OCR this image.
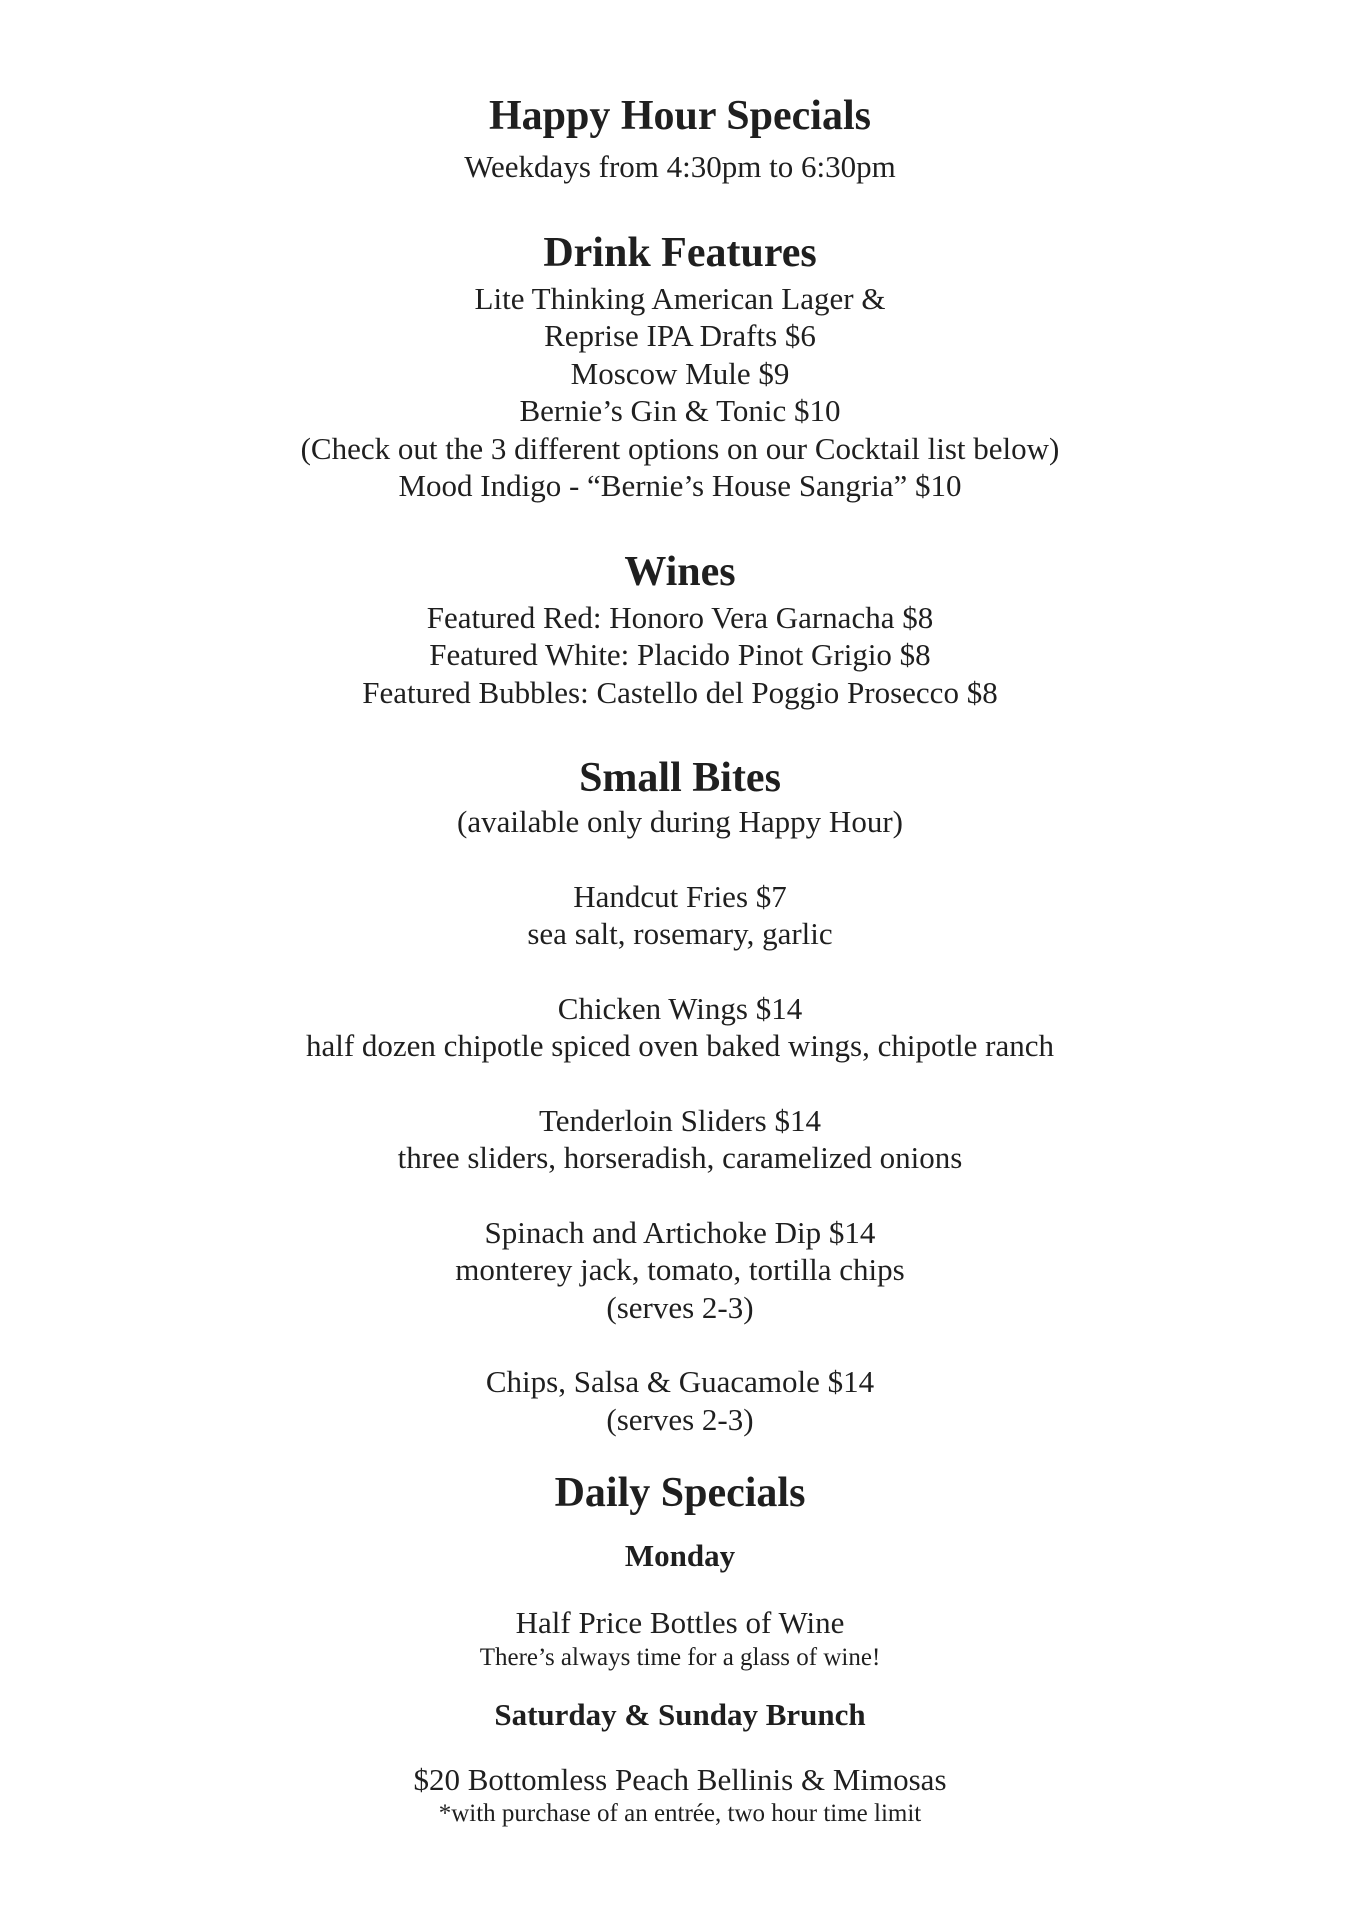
Happy Hour Specials

Weekdays from 4:30pm to 6:30pm

Drink Features

Lite Thinking American Lager &

Reprise IPA Drafts $6

Moscow Mule $9

Bernie’s Gin & Tonic $10

(Check out the 3 different options on our Cocktail list below)

Mood Indigo - “Bernie’s House Sangria” $10

Wines

Featured Red: Honoro Vera Garnacha $8

Featured White: Placido Pinot Grigio $8

Featured Bubbles: Castello del Poggio Prosecco $8

Small Bites

(available only during Happy Hour)

Handcut Fries $7

sea salt, rosemary, garlic

Chicken Wings $14

half dozen chipotle spiced oven baked wings, chipotle ranch

Tenderloin Sliders $14

three sliders, horseradish, caramelized onions

Spinach and Artichoke Dip $14

monterey jack, tomato, tortilla chips

(serves 2-3)

Chips, Salsa & Guacamole $14

(serves 2-3)

Daily Specials
Monday

Half Price Bottles of Wine

There’s always time for a glass of wine!

Saturday & Sunday Brunch

$20 Bottomless Peach Bellinis & Mimosas

*with purchase of an entrée, two hour time limit
